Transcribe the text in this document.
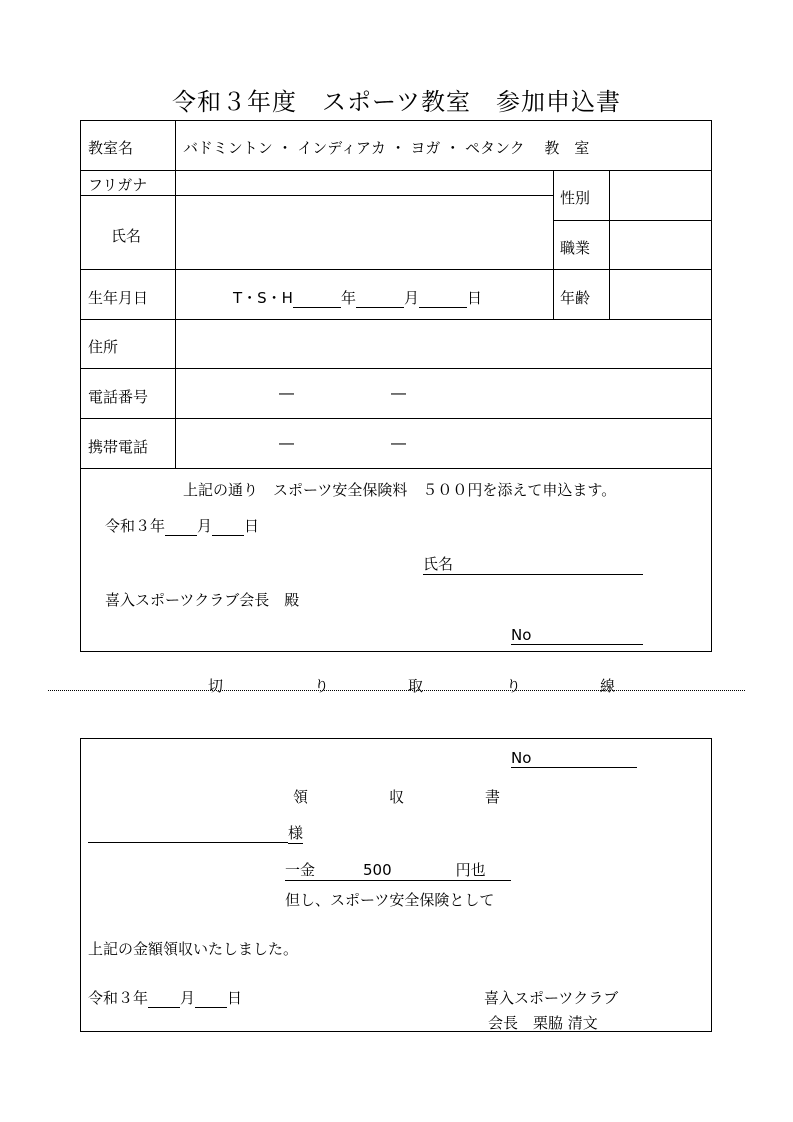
令和３年度　スポーツ教室　参加申込書
教室名	バドミントン ・ インディアカ ・ ヨガ ・ ペタンク　 教　室
フリガナ
氏名
性別
職業
生年月日	T・S・H	年	月	日	年齢
住所
電話番号	―	―
携帯電話	―	―
上記の通り　スポーツ安全保険料　５００円を添えて申込ます。
令和３年 月 日
氏名
喜入スポーツクラブ会長　殿
No
切	り	取	り	線
No
領	収	書
様
一金	500	円也
但し、スポーツ安全保険として
上記の金額領収いたしました。
令和３年 月 日	喜入スポーツクラブ
会長　栗脇 清文
